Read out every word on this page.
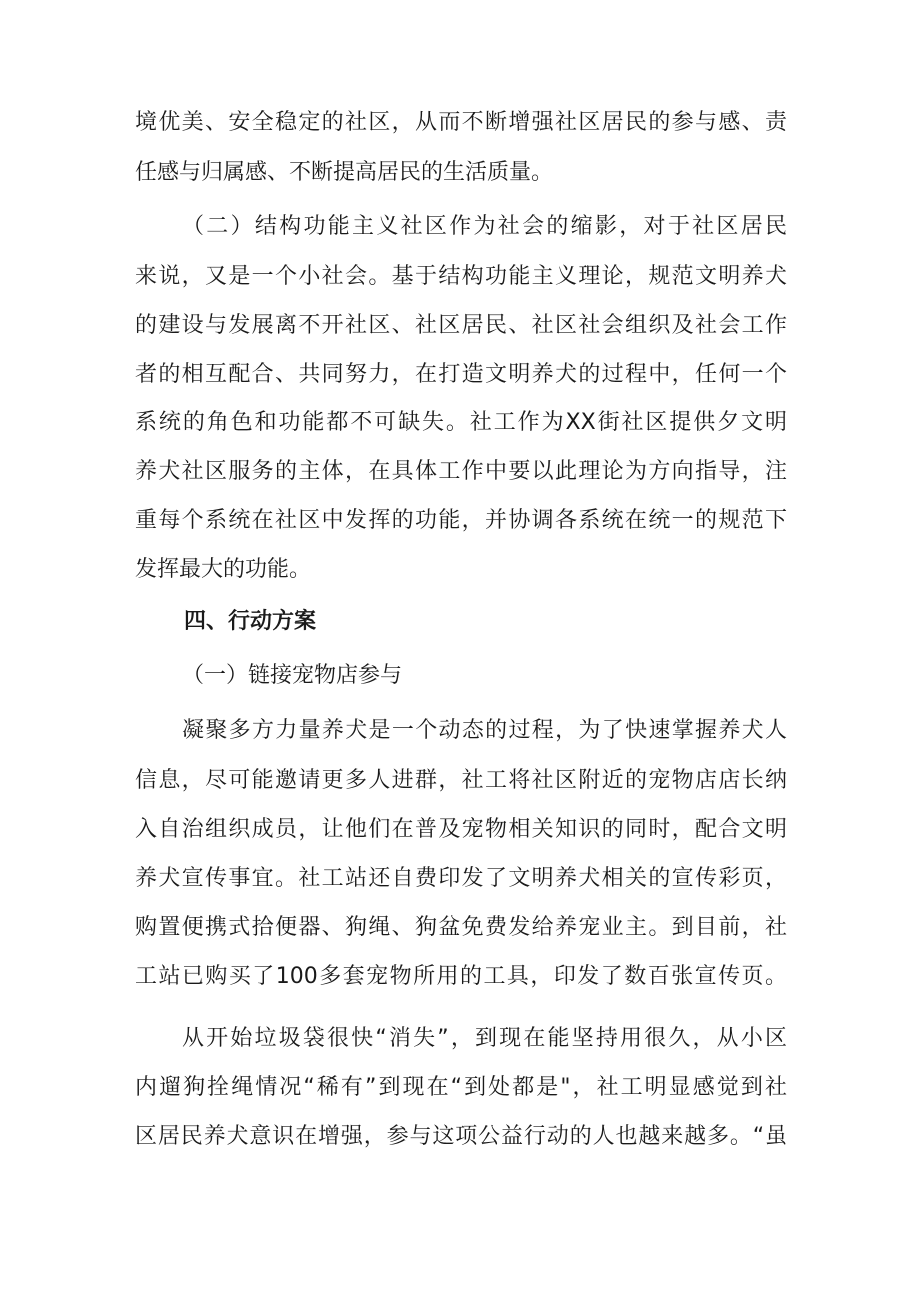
境优美、安全稳定的社区，从而不断增强社区居民的参与感、责
任感与归属感、不断提高居民的生活质量。
（二）结构功能主义社区作为社会的缩影，对于社区居民
来说，又是一个小社会。基于结构功能主义理论，规范文明养犬
的建设与发展离不开社区、社区居民、社区社会组织及社会工作
者的相互配合、共同努力，在打造文明养犬的过程中，任何一个
系统的角色和功能都不可缺失。社工作为XX街社区提供夕文明
养犬社区服务的主体，在具体工作中要以此理论为方向指导，注
重每个系统在社区中发挥的功能，并协调各系统在统一的规范下
发挥最大的功能。
四、行动方案
（一）链接宠物店参与
凝聚多方力量养犬是一个动态的过程，为了快速掌握养犬人
信息，尽可能邀请更多人进群，社工将社区附近的宠物店店长纳
入自治组织成员，让他们在普及宠物相关知识的同时，配合文明
养犬宣传事宜。社工站还自费印发了文明养犬相关的宣传彩页，
购置便携式拾便器、狗绳、狗盆免费发给养宠业主。到目前，社
工站已购买了100多套宠物所用的工具，印发了数百张宣传页。
从开始垃圾袋很快“消失”，到现在能坚持用很久，从小区
内遛狗拴绳情况“稀有”到现在“到处都是"，社工明显感觉到社
区居民养犬意识在增强，参与这项公益行动的人也越来越多。“虽
